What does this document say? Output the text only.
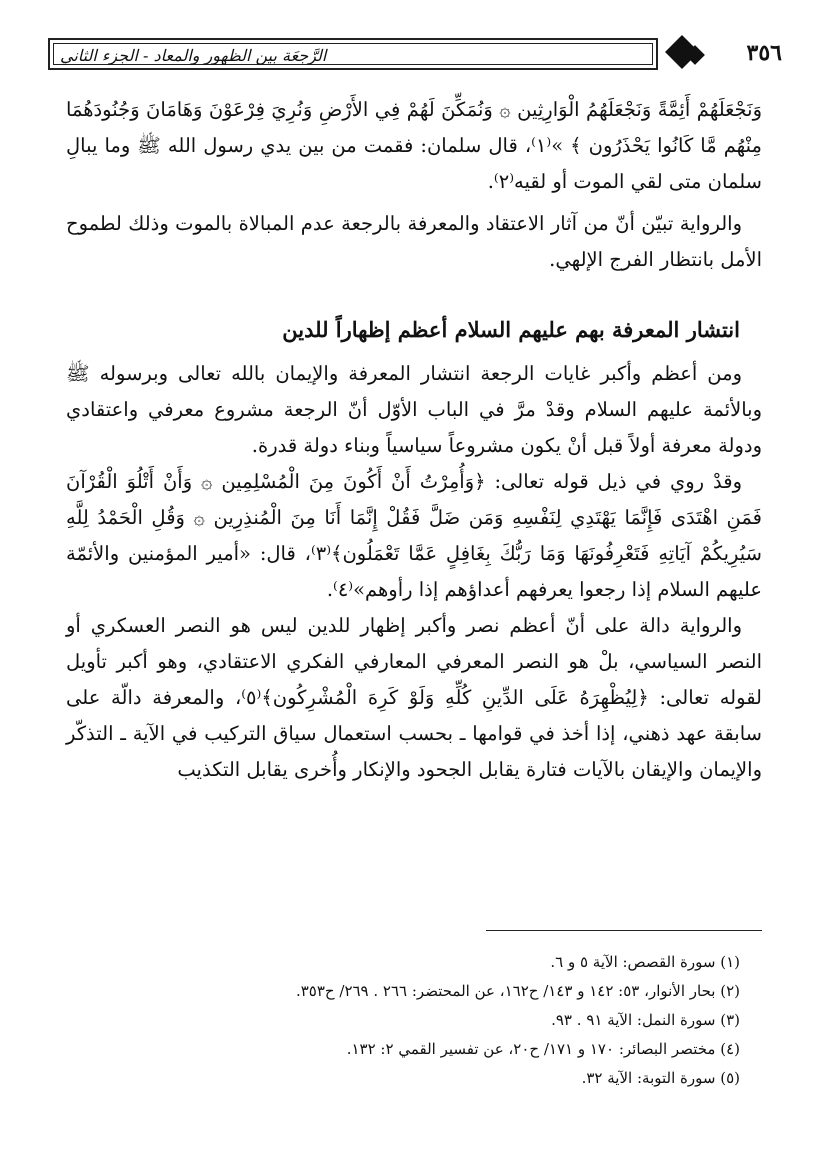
الرَّجعَة بين الظهور والمعاد - الجزء الثاني	٣٥٦

وَنَجْعَلَهُمْ أَئِمَّةً وَنَجْعَلَهُمُ الْوَارِثِين ۞ وَنُمَكِّنَ لَهُمْ فِي الأَرْضِ وَنُرِيَ فِرْعَوْنَ وَهَامَانَ وَجُنُودَهُمَا مِنْهُم مَّا كَانُوا يَحْذَرُون ﴾ »⁽١⁾، قال سلمان: فقمت من بين يدي رسول الله ﷺ وما يبالِ سلمان متى لقي الموت أو لقيه⁽٢⁾.

والرواية تبيّن أنّ من آثار الاعتقاد والمعرفة بالرجعة عدم المبالاة بالموت وذلك لطموح الأمل بانتظار الفرج الإلهي.

انتشار المعرفة بهم عليهم السلام أعظم إظهاراً للدين

ومن أعظم وأكبر غايات الرجعة انتشار المعرفة والإيمان بالله تعالى وبرسوله ﷺ وبالأئمة عليهم السلام وقدْ مرَّ في الباب الأوّل أنّ الرجعة مشروع معرفي واعتقادي ودولة معرفة أولاً قبل أنْ يكون مشروعاً سياسياً وبناء دولة قدرة.

وقدْ روي في ذيل قوله تعالى: ﴿وَأُمِرْتُ أَنْ أَكُونَ مِنَ الْمُسْلِمِين ۞ وَأَنْ أَتْلُوَ الْقُرْآنَ فَمَنِ اهْتَدَى فَإِنَّمَا يَهْتَدِي لِنَفْسِهِ وَمَن ضَلَّ فَقُلْ إِنَّمَا أَنَا مِنَ الْمُنذِرِين ۞ وَقُلِ الْحَمْدُ لِلَّهِ سَيُرِيكُمْ آيَاتِهِ فَتَعْرِفُونَهَا وَمَا رَبُّكَ بِغَافِلٍ عَمَّا تَعْمَلُون﴾⁽٣⁾، قال: «أمير المؤمنين والأئمّة عليهم السلام إذا رجعوا يعرفهم أعداؤهم إذا رأوهم»⁽٤⁾.

والرواية دالة على أنّ أعظم نصر وأكبر إظهار للدين ليس هو النصر العسكري أو النصر السياسي، بلْ هو النصر المعرفي المعارفي الفكري الاعتقادي، وهو أكبر تأويل لقوله تعالى: ﴿لِيُظْهِرَهُ عَلَى الدِّينِ كُلِّهِ وَلَوْ كَرِهَ الْمُشْرِكُون﴾⁽٥⁾، والمعرفة دالّة على سابقة عهد ذهني، إذا أخذ في قوامها ـ بحسب استعمال سياق التركيب في الآية ـ التذكّر والإيمان والإيقان بالآيات فتارة يقابل الجحود والإنكار وأُخرى يقابل التكذيب

(١) سورة القصص: الآية ٥ و ٦.
(٢) بحار الأنوار، ٥٣: ١٤٢ و ١٤٣/ ح١٦٢، عن المحتضر: ٢٦٦ . ٢٦٩/ ح٣٥٣.
(٣) سورة النمل: الآية ٩١ . ٩٣.
(٤) مختصر البصائر: ١٧٠ و ١٧١/ ح٢٠، عن تفسير القمي ٢: ١٣٢.
(٥) سورة التوبة: الآية ٣٢.
